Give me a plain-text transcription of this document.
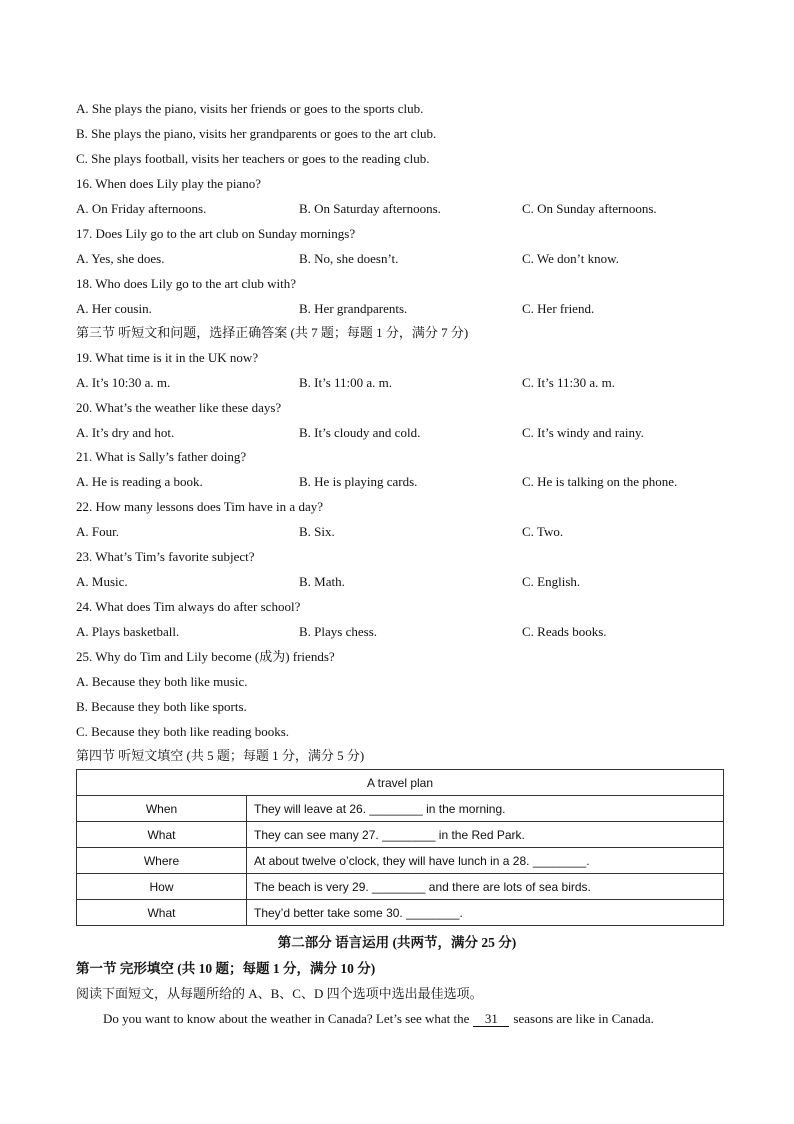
A. She plays the piano, visits her friends or goes to the sports club.
B. She plays the piano, visits her grandparents or goes to the art club.
C. She plays football, visits her teachers or goes to the reading club.
16. When does Lily play the piano?
A. On Friday afternoons.	B. On Saturday afternoons.	C. On Sunday afternoons.
17. Does Lily go to the art club on Sunday mornings?
A. Yes, she does.	B. No, she doesn’t.	C. We don’t know.
18. Who does Lily go to the art club with?
A. Her cousin.	B. Her grandparents.	C. Her friend.
第三节 听短文和问题，选择正确答案 (共 7 题；每题 1 分，满分 7 分)
19. What time is it in the UK now?
A. It’s 10:30 a. m.	B. It’s 11:00 a. m.	C. It’s 11:30 a. m.
20. What’s the weather like these days?
A. It’s dry and hot.	B. It’s cloudy and cold.	C. It’s windy and rainy.
21. What is Sally’s father doing?
A. He is reading a book.	B. He is playing cards.	C. He is talking on the phone.
22. How many lessons does Tim have in a day?
A. Four.	B. Six.	C. Two.
23. What’s Tim’s favorite subject?
A. Music.	B. Math.	C. English.
24. What does Tim always do after school?
A. Plays basketball.	B. Plays chess.	C. Reads books.
25. Why do Tim and Lily become (成为) friends?
A. Because they both like music.
B. Because they both like sports.
C. Because they both like reading books.
第四节 听短文填空 (共 5 题；每题 1 分，满分 5 分)
A travel plan	
When	They will leave at 26. ________ in the morning.
What	They can see many 27. ________ in the Red Park.
Where	At about twelve o’clock, they will have lunch in a 28. ________.
How	The beach is very 29. ________ and there are lots of sea birds.
What	They’d better take some 30. ________.
第二部分 语言运用 (共两节，满分 25 分)
第一节 完形填空 (共 10 题；每题 1 分，满分 10 分)
阅读下面短文，从每题所给的 A、B、C、D 四个选项中选出最佳选项。
Do you want to know about the weather in Canada? Let’s see what the 31 seasons are like in Canada.
